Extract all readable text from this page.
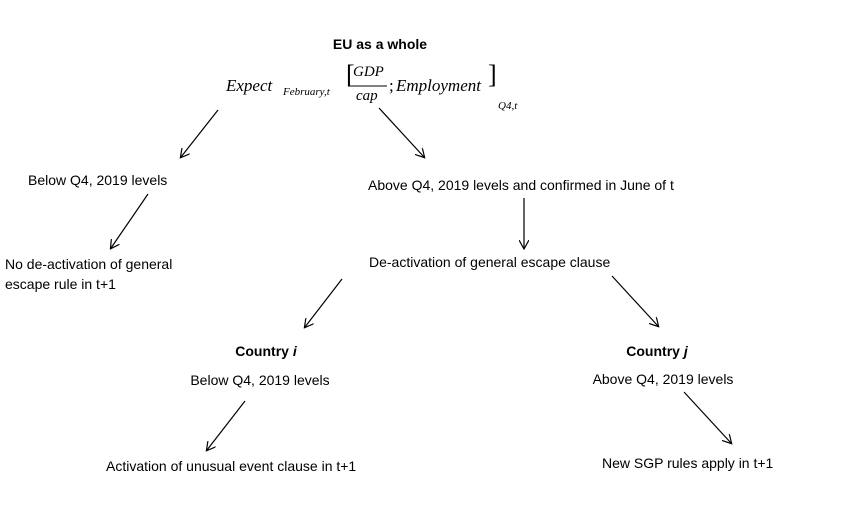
EU as a whole
Expect February,t
[
GDP
cap
; Employment ]
Q4,t
Below Q4, 2019 levels	Above Q4, 2019 levels and confirmed in June of t
No de-activation of general
escape rule in t+1
De-activation of general escape clause
Country i
Below Q4, 2019 levels
Country j
Above Q4, 2019 levels
Activation of unusual event clause in t+1	New SGP rules apply in t+1
